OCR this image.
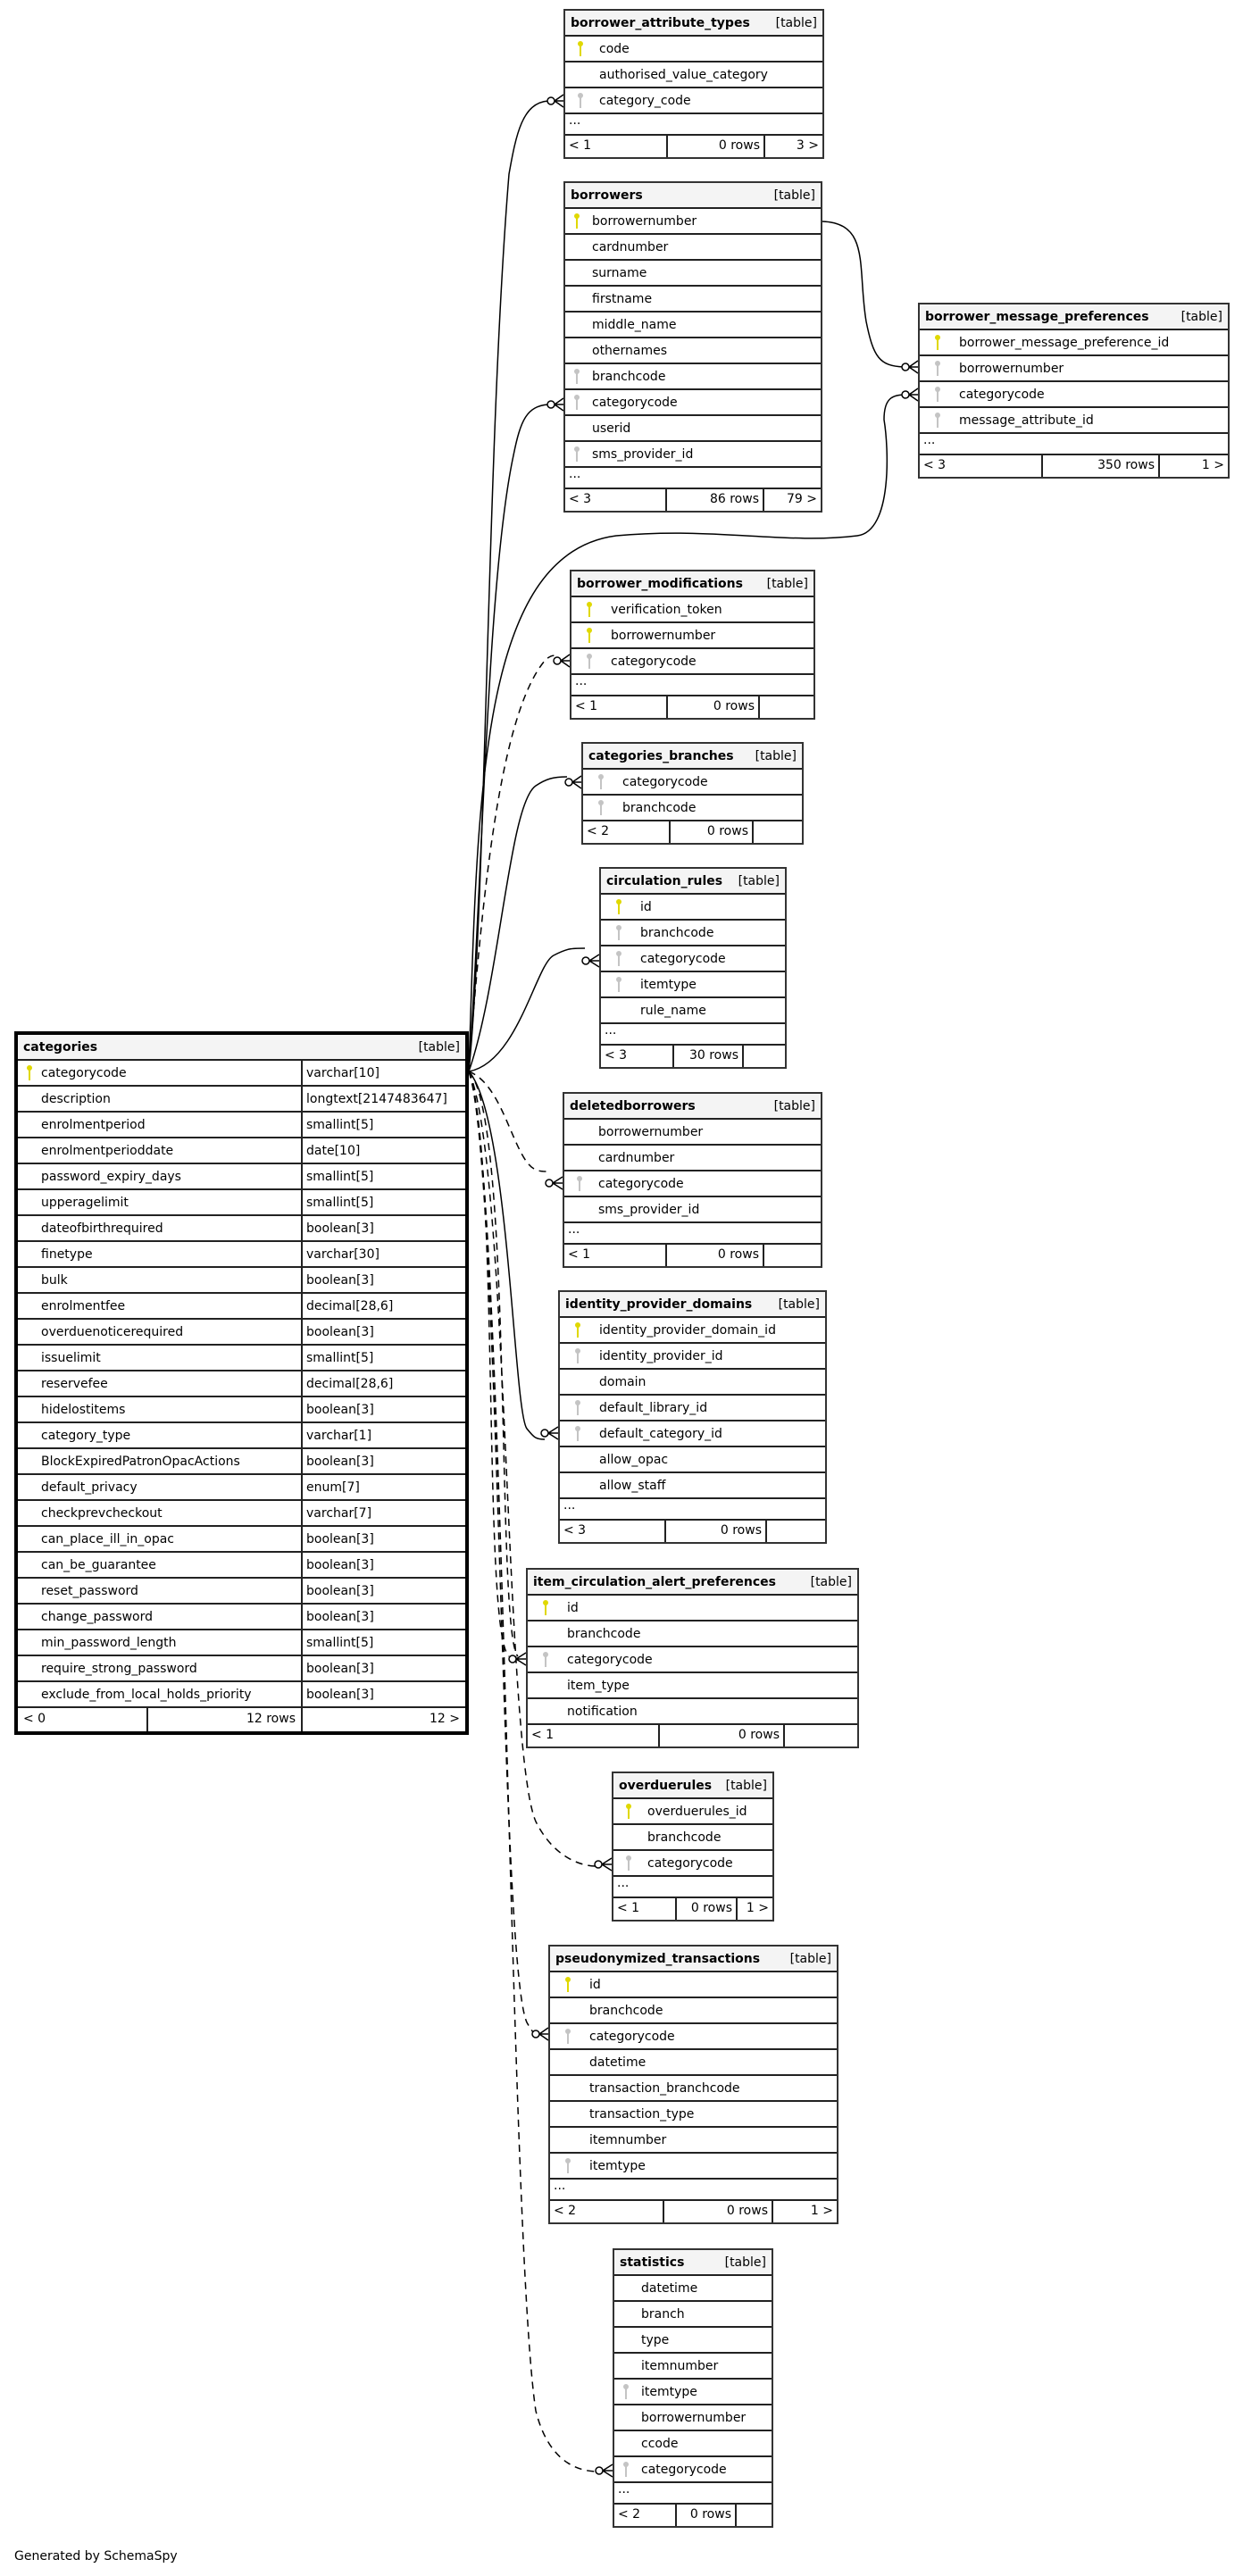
borrower_attribute_types [table]
code
authorised_value_category
category_code
...
< 1	0 rows	3 >
borrowers	[table]
borrowernumber
cardnumber
surname
firstname
middle_name
othernames
branchcode
categorycode
userid
sms_provider_id
...
< 3	86 rows	79 >
borrower_message_preferences	[table]
borrower_message_preference_id
borrowernumber
categorycode
message_attribute_id
...
< 3	350 rows	1 >
borrower_modifications [table]
verification_token
borrowernumber
categorycode
...
< 1	0 rows
categories_branches [table]
categorycode
branchcode
< 2	0 rows
circulation_rules [table]
id
branchcode
categorycode
itemtype
rule_name
...
< 3	30 rows
deletedborrowers	[table]
borrowernumber
cardnumber
categorycode
sms_provider_id
...
< 1	0 rows
identity_provider_domains [table]
identity_provider_domain_id
identity_provider_id
domain
default_library_id
default_category_id
allow_opac
allow_staff
...
< 3	0 rows
item_circulation_alert_preferences	[table]
id
branchcode
categorycode
item_type
notification
< 1	0 rows
overduerules [table]
overduerules_id
branchcode
categorycode
...
< 1	0 rows	1 >
pseudonymized_transactions [table]
id
branchcode
categorycode
datetime
transaction_branchcode
transaction_type
itemnumber
itemtype
...
< 2	0 rows	1 >
statistics	[table]
datetime
branch
type
itemnumber
itemtype
borrowernumber
ccode
categorycode
...
< 2	0 rows
categories	[table]
categorycode	varchar[10]
description	longtext[2147483647]
enrolmentperiod	smallint[5]
enrolmentperioddate	date[10]
password_expiry_days	smallint[5]
upperagelimit	smallint[5]
dateofbirthrequired	boolean[3]
finetype	varchar[30]
bulk	boolean[3]
enrolmentfee	decimal[28,6]
overduenoticerequired	boolean[3]
issuelimit	smallint[5]
reservefee	decimal[28,6]
hidelostitems	boolean[3]
category_type	varchar[1]
BlockExpiredPatronOpacActions	boolean[3]
default_privacy	enum[7]
checkprevcheckout	varchar[7]
can_place_ill_in_opac	boolean[3]
can_be_guarantee	boolean[3]
reset_password	boolean[3]
change_password	boolean[3]
min_password_length	smallint[5]
require_strong_password	boolean[3]
exclude_from_local_holds_priority	boolean[3]
< 0	12 rows	12 >
Generated by SchemaSpy
